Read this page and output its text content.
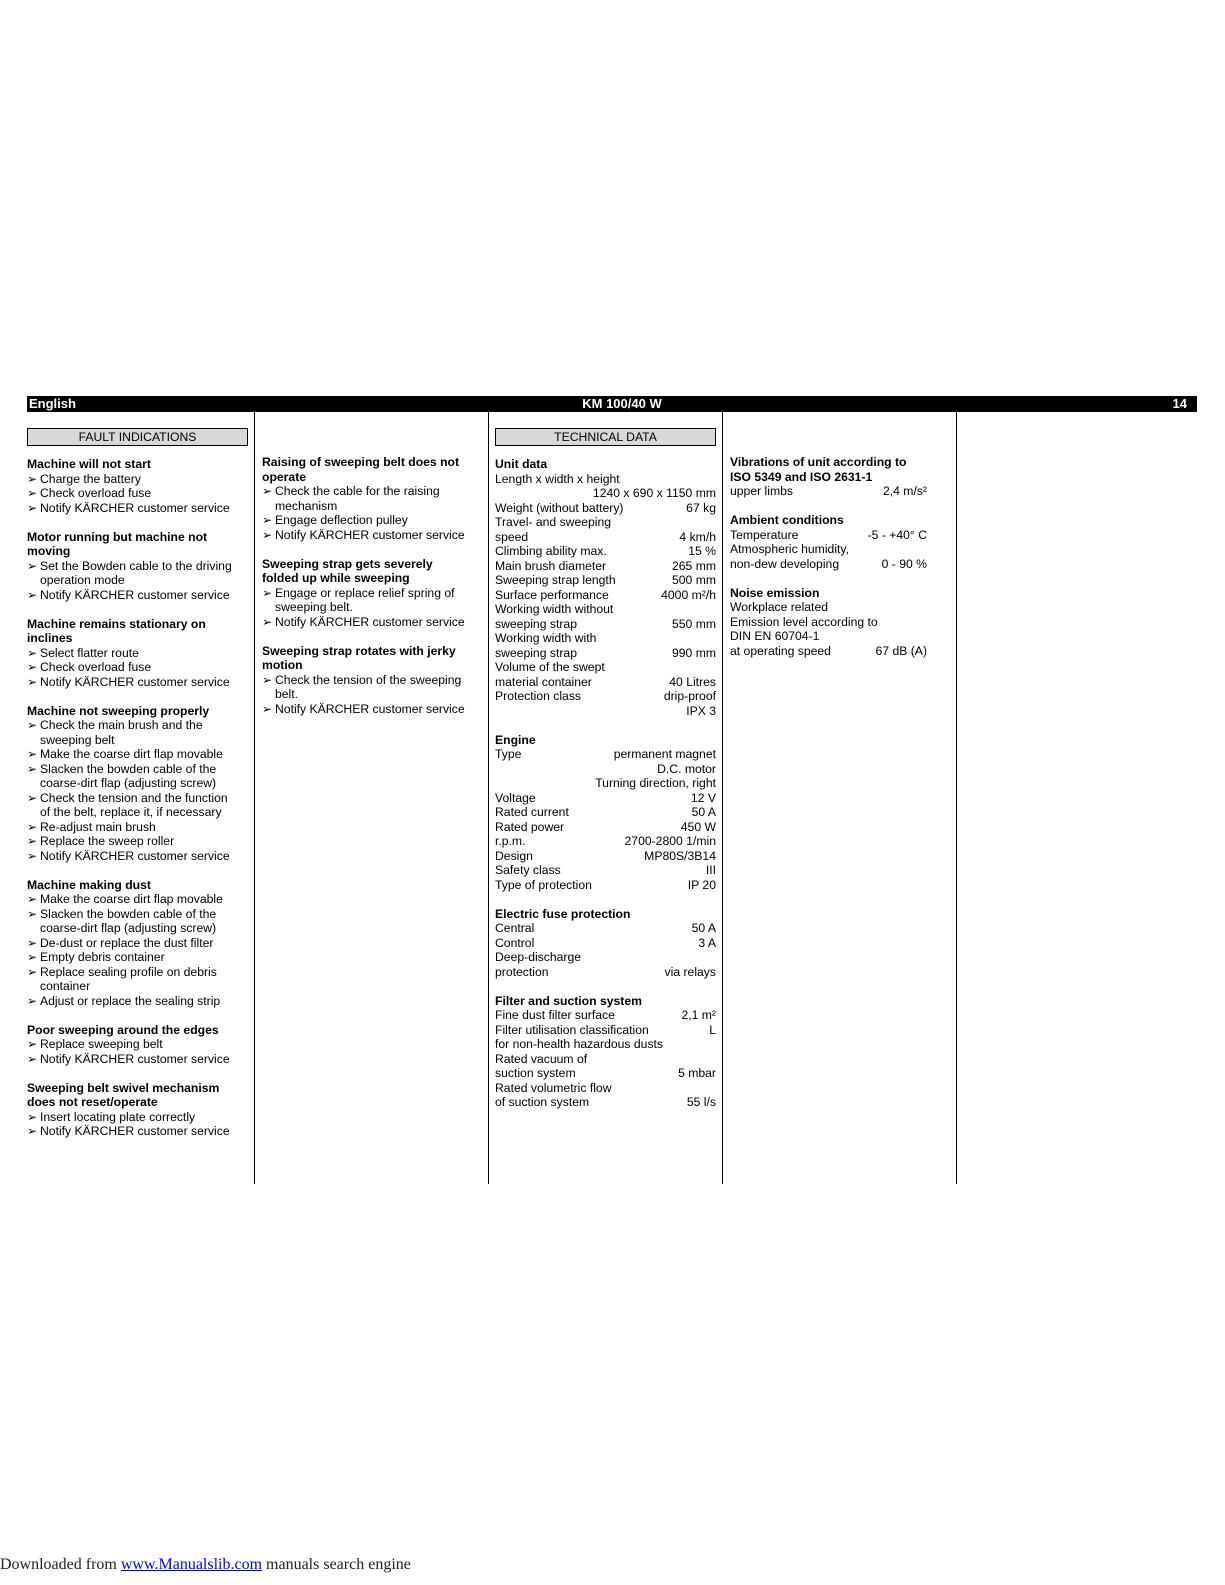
English	KM 100/40 W	14
FAULT INDICATIONS
Machine will not start
➢ Charge the battery
➢ Check overload fuse
➢ Notify KÄRCHER customer service
Motor running but machine not
moving
➢ Set the Bowden cable to the driving
operation mode
➢ Notify KÄRCHER customer service
Machine remains stationary on
inclines
➢ Select flatter route
➢ Check overload fuse
➢ Notify KÄRCHER customer service
Machine not sweeping properly
➢ Check the main brush and the
sweeping belt
➢ Make the coarse dirt flap movable
➢ Slacken the bowden cable of the
coarse-dirt flap (adjusting screw)
➢ Check the tension and the function
of the belt, replace it, if necessary
➢ Re-adjust main brush
➢ Replace the sweep roller
➢ Notify KÄRCHER customer service
Machine making dust
➢ Make the coarse dirt flap movable
➢ Slacken the bowden cable of the
coarse-dirt flap (adjusting screw)
➢ De-dust or replace the dust filter
➢ Empty debris container
➢ Replace sealing profile on debris
container
➢ Adjust or replace the sealing strip
Poor sweeping around the edges
➢ Replace sweeping belt
➢ Notify KÄRCHER customer service
Sweeping belt swivel mechanism
does not reset/operate
➢ Insert locating plate correctly
➢ Notify KÄRCHER customer service
Raising of sweeping belt does not
operate
➢ Check the cable for the raising
mechanism
➢ Engage deflection pulley
➢ Notify KÄRCHER customer service
Sweeping strap gets severely
folded up while sweeping
➢ Engage or replace relief spring of
sweeping belt.
➢ Notify KÄRCHER customer service
Sweeping strap rotates with jerky
motion
➢ Check the tension of the sweeping
belt.
➢ Notify KÄRCHER customer service
TECHNICAL DATA
Unit data
Length x width x height
1240 x 690 x 1150 mm
Weight (without battery)	67 kg
Travel- and sweeping
speed	4 km/h
Climbing ability max.	15 %
Main brush diameter	265 mm
Sweeping strap length	500 mm
Surface performance	4000 m²/h
Working width without
sweeping strap	550 mm
Working width with
sweeping strap	990 mm
Volume of the swept
material container	40 Litres
Protection class	drip-proof
IPX 3
Engine
Type	permanent magnet
D.C. motor
Turning direction, right
Voltage	12 V
Rated current	50 A
Rated power	450 W
r.p.m.	2700-2800 1/min
Design	MP80S/3B14
Safety class	III
Type of protection	IP 20
Electric fuse protection
Central	50 A
Control	3 A
Deep-discharge
protection	via relays
Filter and suction system
Fine dust filter surface	2,1 m²
Filter utilisation classification	L
for non-health hazardous dusts
Rated vacuum of
suction system	5 mbar
Rated volumetric flow
of suction system	55 l/s
Vibrations of unit according to
ISO 5349 and ISO 2631-1
upper limbs	2,4 m/s²
Ambient conditions
Temperature	-5 - +40° C
Atmospheric humidity,
non-dew developing	0 - 90 %
Noise emission
Workplace related
Emission level according to
DIN EN 60704-1
at operating speed	67 dB (A)
Downloaded from www.Manualslib.com manuals search engine
